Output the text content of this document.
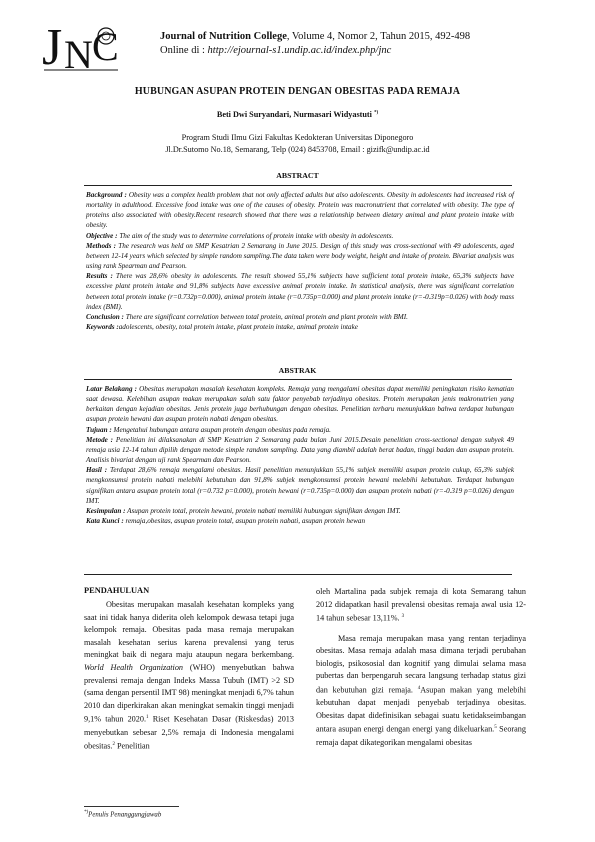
J N C	Journal of Nutrition College, Volume 4, Nomor 2, Tahun 2015, 492-498
Online di : http://ejournal-s1.undip.ac.id/index.php/jnc
HUBUNGAN ASUPAN PROTEIN DENGAN OBESITAS PADA REMAJA
Beti Dwi Suryandari, Nurmasari Widyastuti *)
Program Studi Ilmu Gizi Fakultas Kedokteran Universitas Diponegoro
Jl.Dr.Sutomo No.18, Semarang, Telp (024) 8453708, Email : gizifk@undip.ac.id
ABSTRACT

Background : Obesity was a complex health problem that not only affected adults but also adolescents. Obesity in adolescents had increased risk of mortality in adulthood. Excessive food intake was one of the causes of obesity. Protein was macronutrient that correlated with obesity. The type of proteins also associated with obesity.Recent research showed that there was a relationship between dietary animal and plant protein intake with obesity.

Objective : The aim of the study was to determine correlations of protein intake with obesity in adolescents.

Methods : The research was held on SMP Kesatrian 2 Semarang in June 2015. Design of this study was cross-sectional with 49 adolescents, aged between 12-14 years which selected by simple random sampling.The data taken were body weight, height and intake of protein. Bivariat analysis was using rank Spearman and Pearson.

Results : There was 28,6% obesity in adolescents. The result showed 55,1% subjects have sufficient total protein intake, 65,3% subjects have excessive plant protein intake and 91,8% subjects have excessive animal protein intake. In statistical analysis, there was significant correlation between total protein intake (r=0.732p=0.000), animal protein intake (r=0.735p=0.000) and plant protein intake (r=-0.319p=0.026) with body mass index (BMI).

Conclusion : There are significant correlation between total protein, animal protein and plant protein with BMI.

Keywords :adolescents, obesity, total protein intake, plant protein intake, animal protein intake

ABSTRAK

Latar Belakang : Obesitas merupakan masalah kesehatan kompleks. Remaja yang mengalami obesitas dapat memiliki peningkatan risiko kematian saat dewasa. Kelebihan asupan makan merupakan salah satu faktor penyebab terjadinya obesitas. Protein merupakan jenis makronutrien yang berkaitan dengan kejadian obesitas. Jenis protein juga berhubungan dengan obesitas. Penelitian terbaru menunjukkan bahwa terdapat hubungan asupan protein hewani dan asupan protein nabati dengan obesitas.

Tujuan : Mengetahui hubungan antara asupan protein dengan obesitas pada remaja.

Metode : Penelitian ini dilaksanakan di SMP Kesatrian 2 Semarang pada bulan Juni 2015.Desain penelitian cross-sectional dengan subyek 49 remaja usia 12-14 tahun dipilih dengan metode simple random sampling. Data yang diambil adalah berat badan, tinggi badan dan asupan protein. Analisis bivariat dengan uji rank Spearman dan Pearson.

Hasil : Terdapat 28,6% remaja mengalami obesitas. Hasil penelitian menunjukkan 55,1% subjek memiliki asupan protein cukup, 65,3% subjek mengkonsumsi protein nabati melebihi kebutuhan dan 91,8% subjek mengkonsumsi protein hewani melebihi kebutuhan. Terdapat hubungan signifikan antara asupan protein total (r=0.732 p=0.000), protein hewani (r=0.735p=0.000) dan asupan protein nabati (r=-0.319 p=0.026) dengan IMT.

Kesimpulan : Asupan protein total, protein hewani, protein nabati memiliki hubungan signifikan dengan IMT.

Kata Kunci : remaja,obesitas, asupan protein total, asupan protein nabati, asupan protein hewan

PENDAHULUAN

Obesitas merupakan masalah kesehatan kompleks yang saat ini tidak hanya diderita oleh kelompok dewasa tetapi juga kelompok remaja. Obesitas pada masa remaja merupakan masalah kesehatan serius karena prevalensi yang terus meningkat baik di negara maju ataupun negara berkembang. World Health Organization (WHO) menyebutkan bahwa prevalensi remaja dengan Indeks Massa Tubuh (IMT) >2 SD (sama dengan persentil IMT 98) meningkat menjadi 6,7% tahun 2010 dan diperkirakan akan meningkat semakin tinggi menjadi 9,1% tahun 2020.$^1$ Riset Kesehatan Dasar (Riskesdas) 2013 menyebutkan sebesar 2,5% remaja di Indonesia mengalami obesitas.$^2$ Penelitian

oleh Martalina pada subjek remaja di kota Semarang tahun 2012 didapatkan hasil prevalensi obesitas remaja awal usia 12-14 tahun sebesar 13,11%. $^3$

Masa remaja merupakan masa yang rentan terjadinya obesitas. Masa remaja adalah masa dimana terjadi perubahan biologis, psikososial dan kognitif yang dimulai selama masa pubertas dan berpengaruh secara langsung terhadap status gizi dan kebutuhan gizi remaja. $^4$Asupan makan yang melebihi kebutuhan dapat menjadi penyebab terjadinya obesitas. Obesitas dapat didefinisikan sebagai suatu ketidakseimbangan antara asupan energi dengan energi yang dikeluarkan.$^5$ Seorang remaja dapat dikategorikan mengalami obesitas

*)Penulis Penanggungjawab
